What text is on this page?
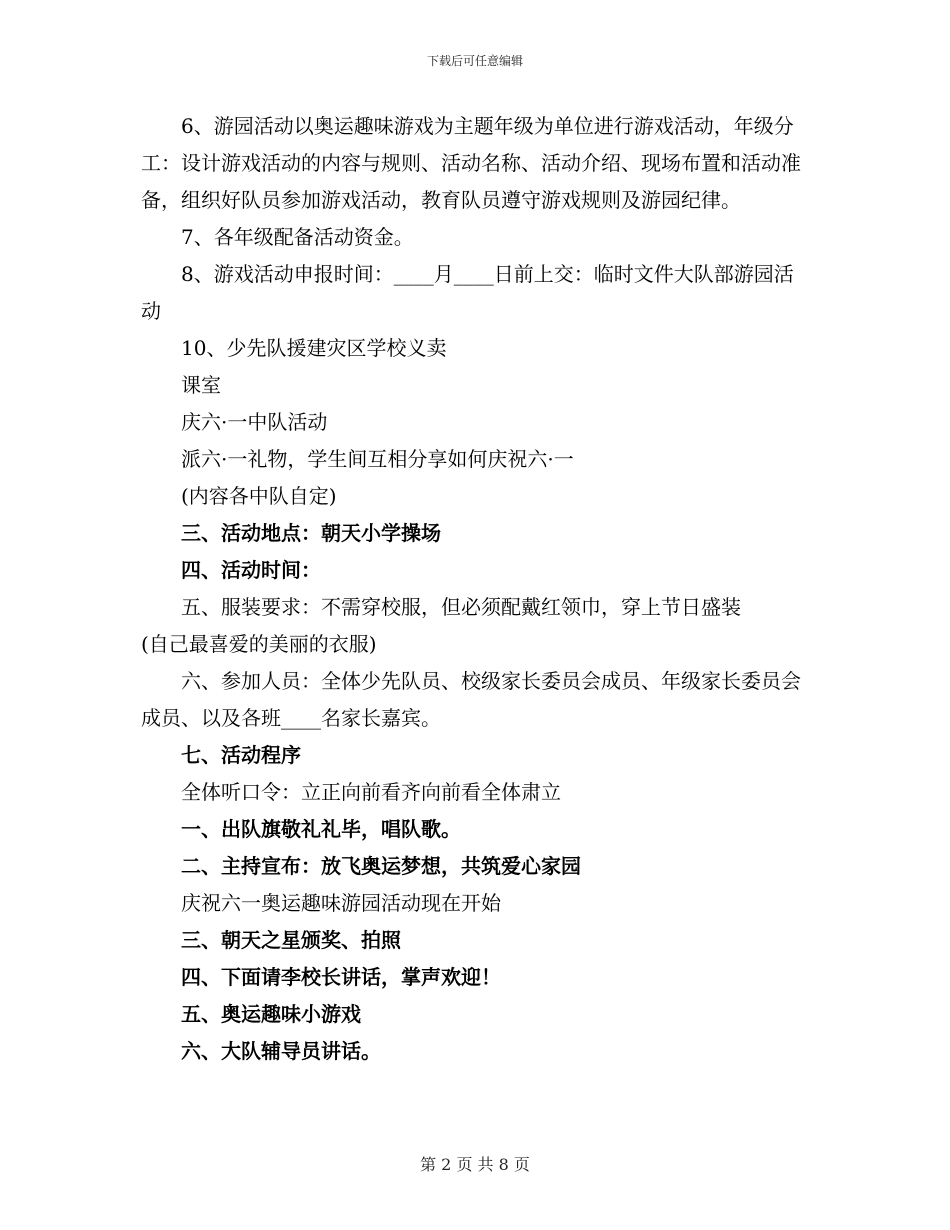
下载后可任意编辑

6、游园活动以奥运趣味游戏为主题年级为单位进行游戏活动，年级分工：设计游戏活动的内容与规则、活动名称、活动介绍、现场布置和活动准备，组织好队员参加游戏活动，教育队员遵守游戏规则及游园纪律。

7、各年级配备活动资金。

8、游戏活动申报时间：____月____日前上交：临时文件大队部游园活动

10、少先队援建灾区学校义卖

课室

庆六·一中队活动

派六·一礼物，学生间互相分享如何庆祝六·一

(内容各中队自定)

三、活动地点：朝天小学操场

四、活动时间：

五、服装要求：不需穿校服，但必须配戴红领巾，穿上节日盛装

(自己最喜爱的美丽的衣服)

六、参加人员：全体少先队员、校级家长委员会成员、年级家长委员会成员、以及各班____名家长嘉宾。

七、活动程序

全体听口令：立正向前看齐向前看全体肃立

一、出队旗敬礼礼毕，唱队歌。

二、主持宣布：放飞奥运梦想，共筑爱心家园

庆祝六一奥运趣味游园活动现在开始

三、朝天之星颁奖、拍照

四、下面请李校长讲话，掌声欢迎！

五、奥运趣味小游戏

六、大队辅导员讲话。

第 2 页 共 8 页
